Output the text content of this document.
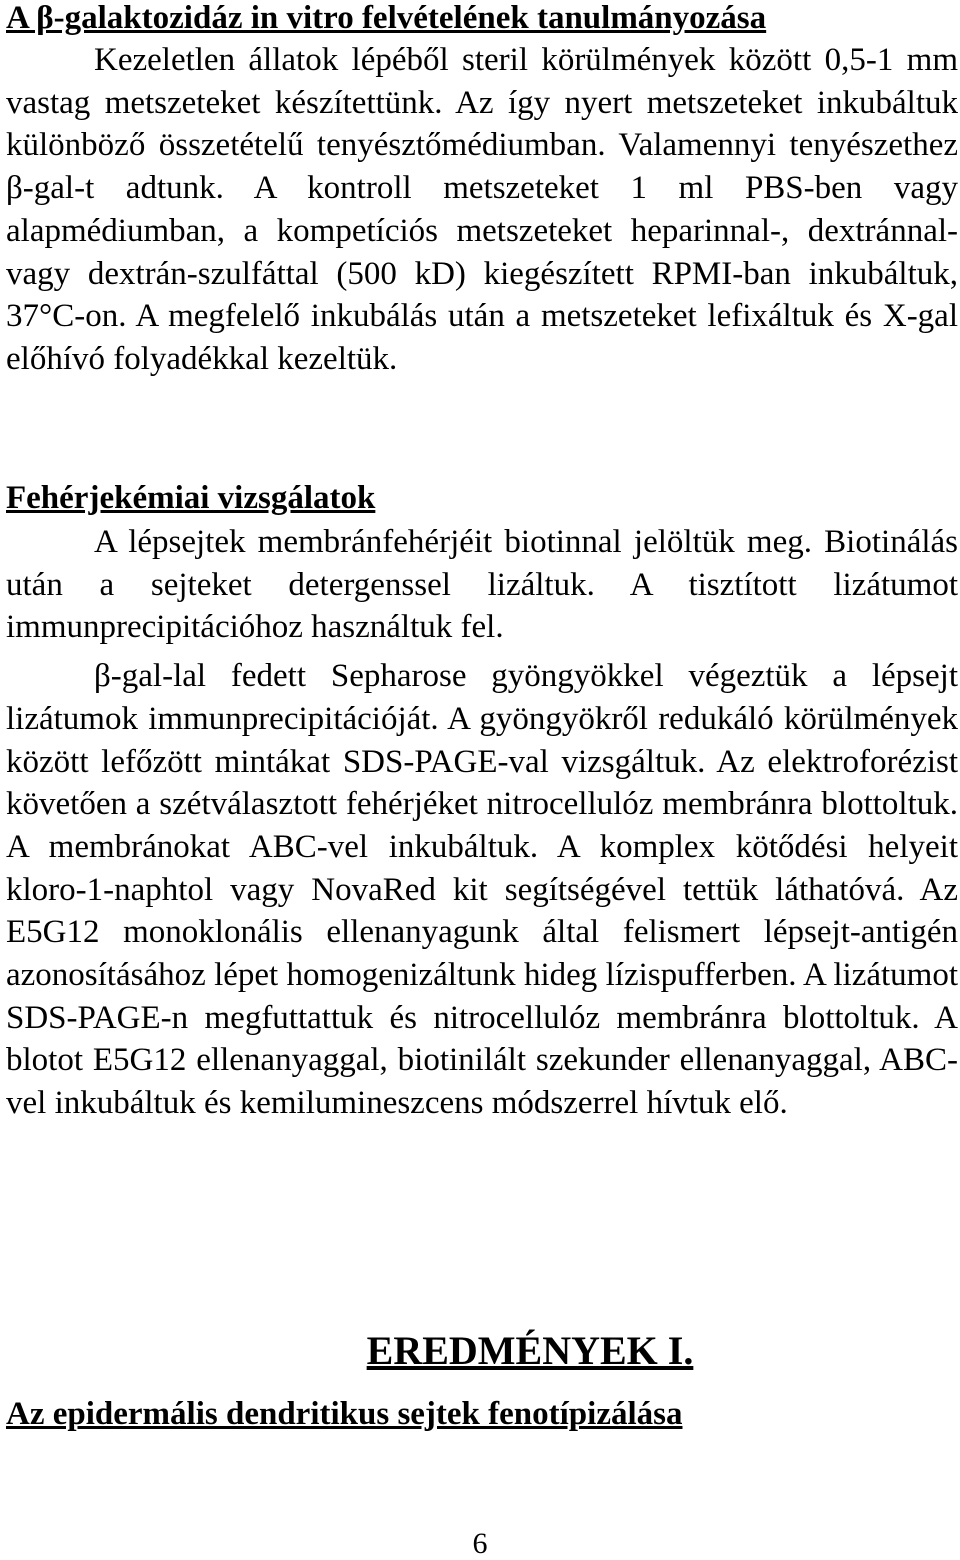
A β-galaktozidáz in vitro felvételének tanulmányozása

Kezeletlen állatok lépéből steril körülmények között 0,5-1 mm vastag metszeteket készítettünk. Az így nyert metszeteket inkubáltuk különböző összetételű tenyésztőmédiumban. Valamennyi tenyészethez β-gal-t adtunk. A kontroll metszeteket 1 ml PBS-ben vagy alapmédiumban, a kompetíciós metszeteket heparinnal-, dextránnal- vagy dextrán-szulfáttal (500 kD) kiegészített RPMI-ban inkubáltuk, 37°C-on. A megfelelő inkubálás után a metszeteket lefixáltuk és X-gal előhívó folyadékkal kezeltük.

Fehérjekémiai vizsgálatok

A lépsejtek membránfehérjéit biotinnal jelöltük meg. Biotinálás után a sejteket detergenssel lizáltuk. A tisztított lizátumot immunprecipitációhoz használtuk fel.

β-gal-lal fedett Sepharose gyöngyökkel végeztük a lépsejt lizátumok immunprecipitációját. A gyöngyökről redukáló körülmények között lefőzött mintákat SDS-PAGE-val vizsgáltuk. Az elektroforézist követően a szétválasztott fehérjéket nitrocellulóz membránra blottoltuk. A membránokat ABC-vel inkubáltuk. A komplex kötődési helyeit kloro-1-naphtol vagy NovaRed kit segítségével tettük láthatóvá. Az E5G12 monoklonális ellenanyagunk által felismert lépsejt-antigén azonosításához lépet homogenizáltunk hideg lízispufferben. A lizátumot SDS-PAGE-n megfuttattuk és nitrocellulóz membránra blottoltuk. A blotot E5G12 ellenanyaggal, biotinilált szekunder ellenanyaggal, ABC-vel inkubáltuk és kemilumineszcens módszerrel hívtuk elő.

EREDMÉNYEK I.
Az epidermális dendritikus sejtek fenotípizálása
6
